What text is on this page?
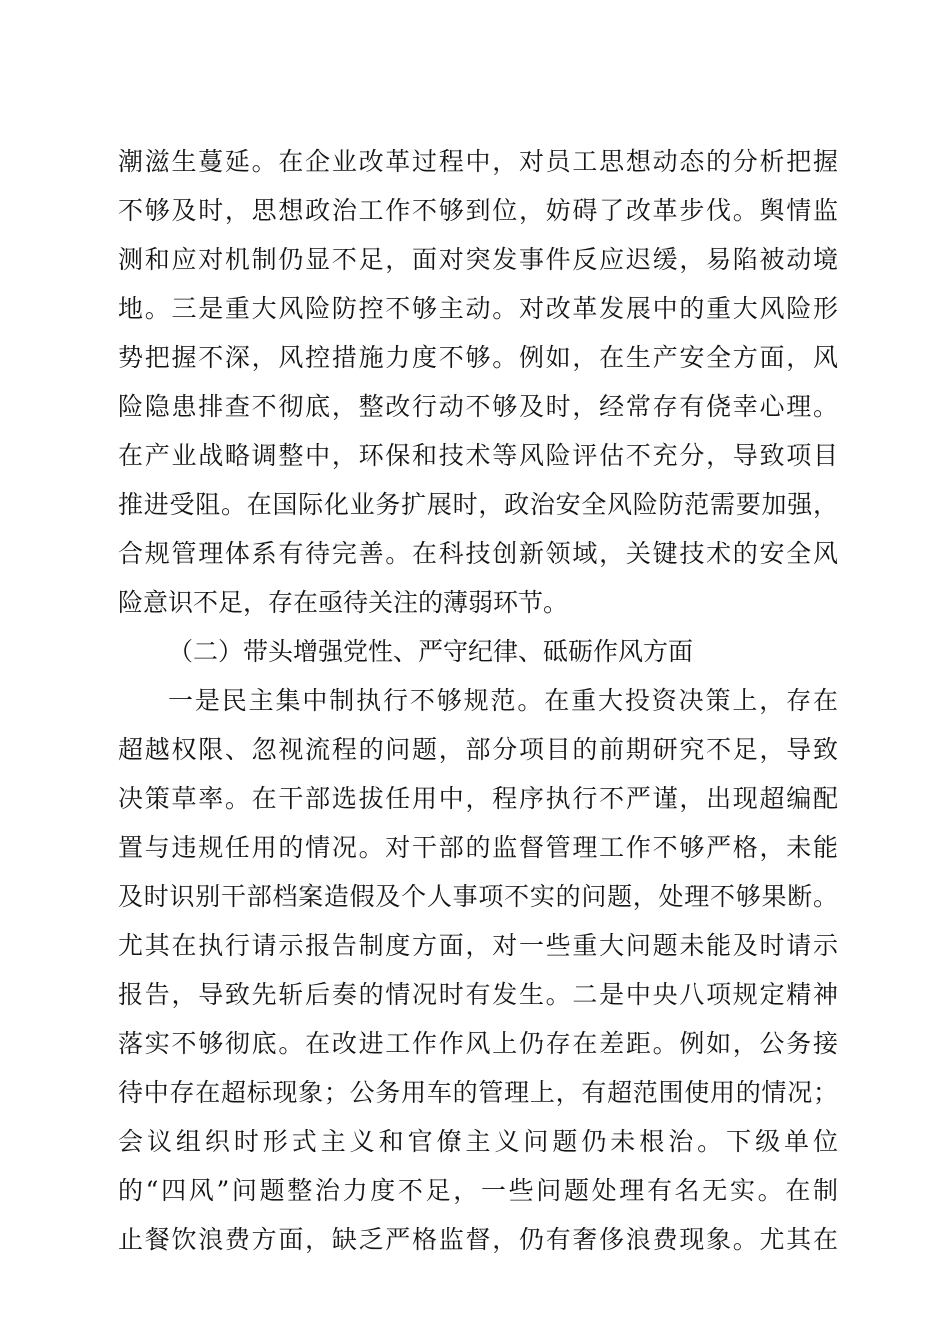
潮滋生蔓延。在企业改革过程中，对员工思想动态的分析把握
不够及时，思想政治工作不够到位，妨碍了改革步伐。舆情监
测和应对机制仍显不足，面对突发事件反应迟缓，易陷被动境
地。三是重大风险防控不够主动。对改革发展中的重大风险形
势把握不深，风控措施力度不够。例如，在生产安全方面，风
险隐患排查不彻底，整改行动不够及时，经常存有侥幸心理。
在产业战略调整中，环保和技术等风险评估不充分，导致项目
推进受阻。在国际化业务扩展时，政治安全风险防范需要加强，
合规管理体系有待完善。在科技创新领域，关键技术的安全风
险意识不足，存在亟待关注的薄弱环节。
（二）带头增强党性、严守纪律、砥砺作风方面
一是民主集中制执行不够规范。在重大投资决策上，存在
超越权限、忽视流程的问题，部分项目的前期研究不足，导致
决策草率。在干部选拔任用中，程序执行不严谨，出现超编配
置与违规任用的情况。对干部的监督管理工作不够严格，未能
及时识别干部档案造假及个人事项不实的问题，处理不够果断。
尤其在执行请示报告制度方面，对一些重大问题未能及时请示
报告，导致先斩后奏的情况时有发生。二是中央八项规定精神
落实不够彻底。在改进工作作风上仍存在差距。例如，公务接
待中存在超标现象；公务用车的管理上，有超范围使用的情况；
会议组织时形式主义和官僚主义问题仍未根治。下级单位
的“四风”问题整治力度不足，一些问题处理有名无实。在制
止餐饮浪费方面，缺乏严格监督，仍有奢侈浪费现象。尤其在
